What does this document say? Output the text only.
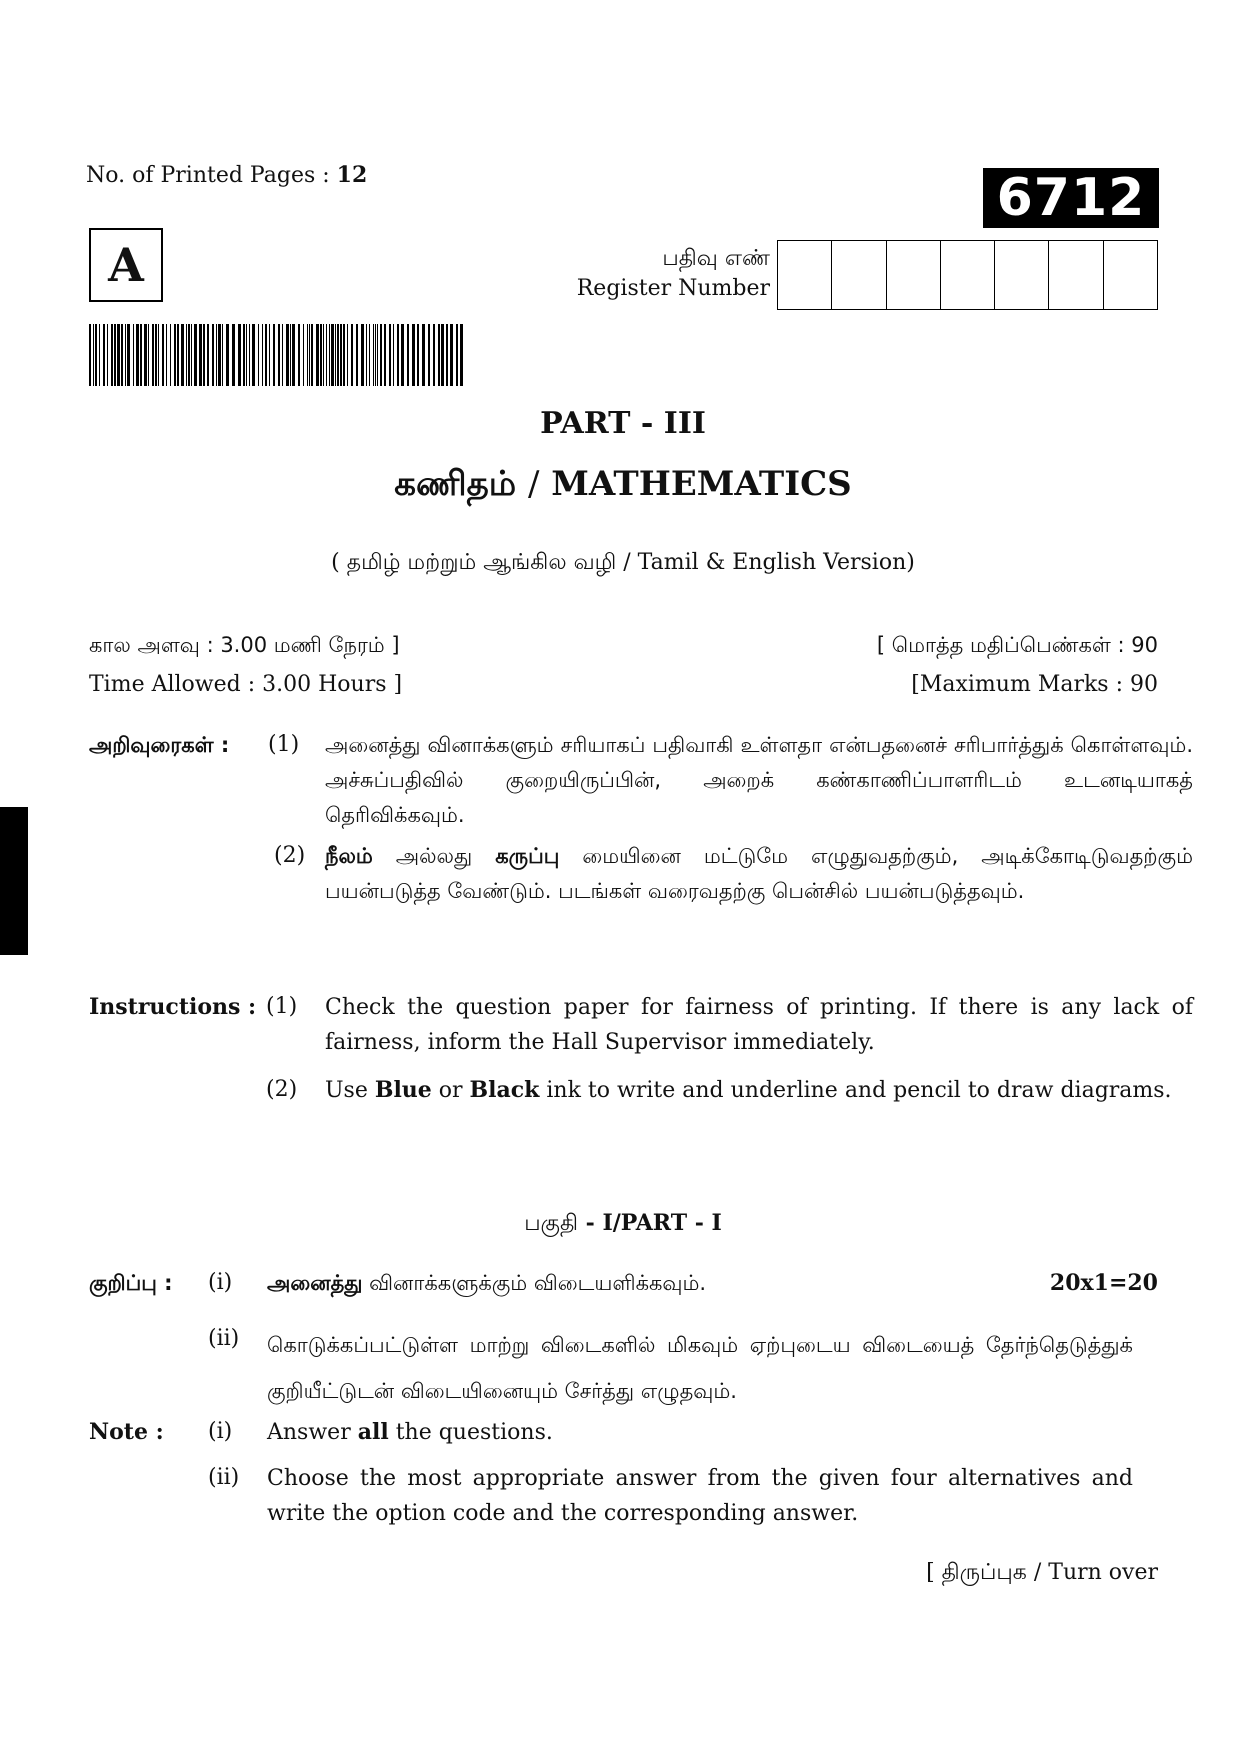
No. of Printed Pages : 12	6712
A	பதிவு எண்
Register Number
PART - III
கணிதம் / MATHEMATICS
( தமிழ் மற்றும் ஆங்கில வழி / Tamil & English Version)
கால அளவு : 3.00 மணி நேரம் ]	[ மொத்த மதிப்பெண்கள் : 90
Time Allowed : 3.00 Hours ]	[Maximum Marks : 90
அறிவுரைகள் : (1) அனைத்து வினாக்களும் சரியாகப் பதிவாகி உள்ளதா என்பதனைச் சரிபார்த்துக் கொள்ளவும். அச்சுப்பதிவில் குறையிருப்பின், அறைக் கண்காணிப்பாளரிடம் உடனடியாகத் தெரிவிக்கவும்.
(2) நீலம் அல்லது கருப்பு மையினை மட்டுமே எழுதுவதற்கும், அடிக்கோடிடுவதற்கும் பயன்படுத்த வேண்டும். படங்கள் வரைவதற்கு பென்சில் பயன்படுத்தவும்.
Instructions : (1) Check the question paper for fairness of printing. If there is any lack of fairness, inform the Hall Supervisor immediately.
(2) Use Blue or Black ink to write and underline and pencil to draw diagrams.
பகுதி - I/PART - I
குறிப்பு : (i) அனைத்து வினாக்களுக்கும் விடையளிக்கவும்.	20x1=20
(ii) கொடுக்கப்பட்டுள்ள மாற்று விடைகளில் மிகவும் ஏற்புடைய விடையைத் தேர்ந்தெடுத்துக் குறியீட்டுடன் விடையினையும் சேர்த்து எழுதவும்.
Note : (i) Answer all the questions.
(ii) Choose the most appropriate answer from the given four alternatives and write the option code and the corresponding answer.
[ திருப்புக / Turn over
